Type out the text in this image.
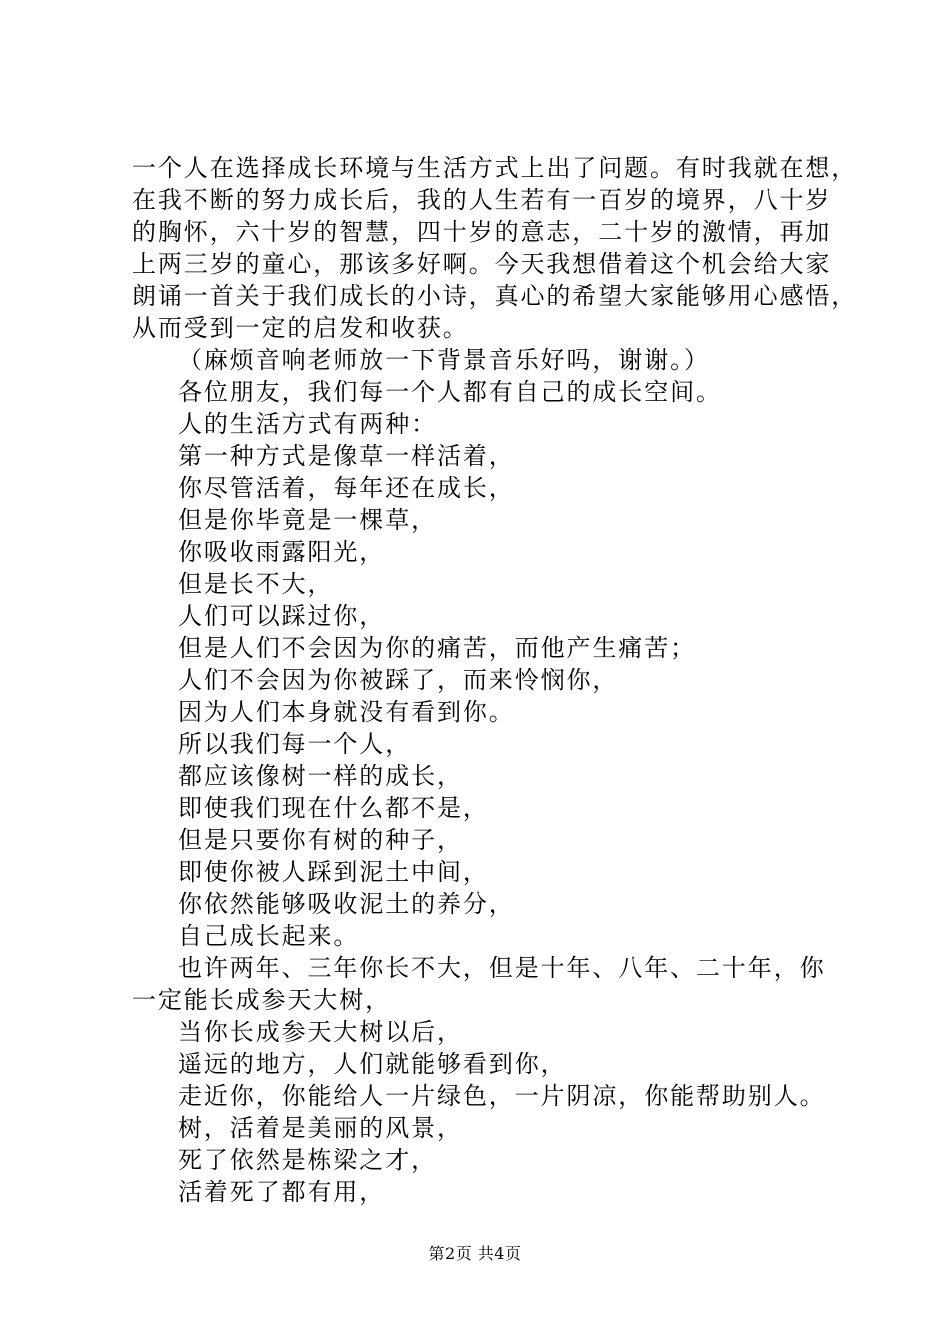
一个人在选择成长环境与生活方式上出了问题。有时我就在想，
在我不断的努力成长后，我的人生若有一百岁的境界，八十岁
的胸怀，六十岁的智慧，四十岁的意志，二十岁的激情，再加
上两三岁的童心，那该多好啊。今天我想借着这个机会给大家
朗诵一首关于我们成长的小诗，真心的希望大家能够用心感悟，
从而受到一定的启发和收获。
（麻烦音响老师放一下背景音乐好吗，谢谢。）
各位朋友，我们每一个人都有自己的成长空间。
人的生活方式有两种：
第一种方式是像草一样活着，
你尽管活着，每年还在成长，
但是你毕竟是一棵草，
你吸收雨露阳光，
但是长不大，
人们可以踩过你，
但是人们不会因为你的痛苦，而他产生痛苦；
人们不会因为你被踩了，而来怜悯你，
因为人们本身就没有看到你。
所以我们每一个人，
都应该像树一样的成长，
即使我们现在什么都不是，
但是只要你有树的种子，
即使你被人踩到泥土中间，
你依然能够吸收泥土的养分，
自己成长起来。
也许两年、三年你长不大，但是十年、八年、二十年，你
一定能长成参天大树，
当你长成参天大树以后，
遥远的地方，人们就能够看到你，
走近你，你能给人一片绿色，一片阴凉，你能帮助别人。
树，活着是美丽的风景，
死了依然是栋梁之才，
活着死了都有用，
第2页 共4页
